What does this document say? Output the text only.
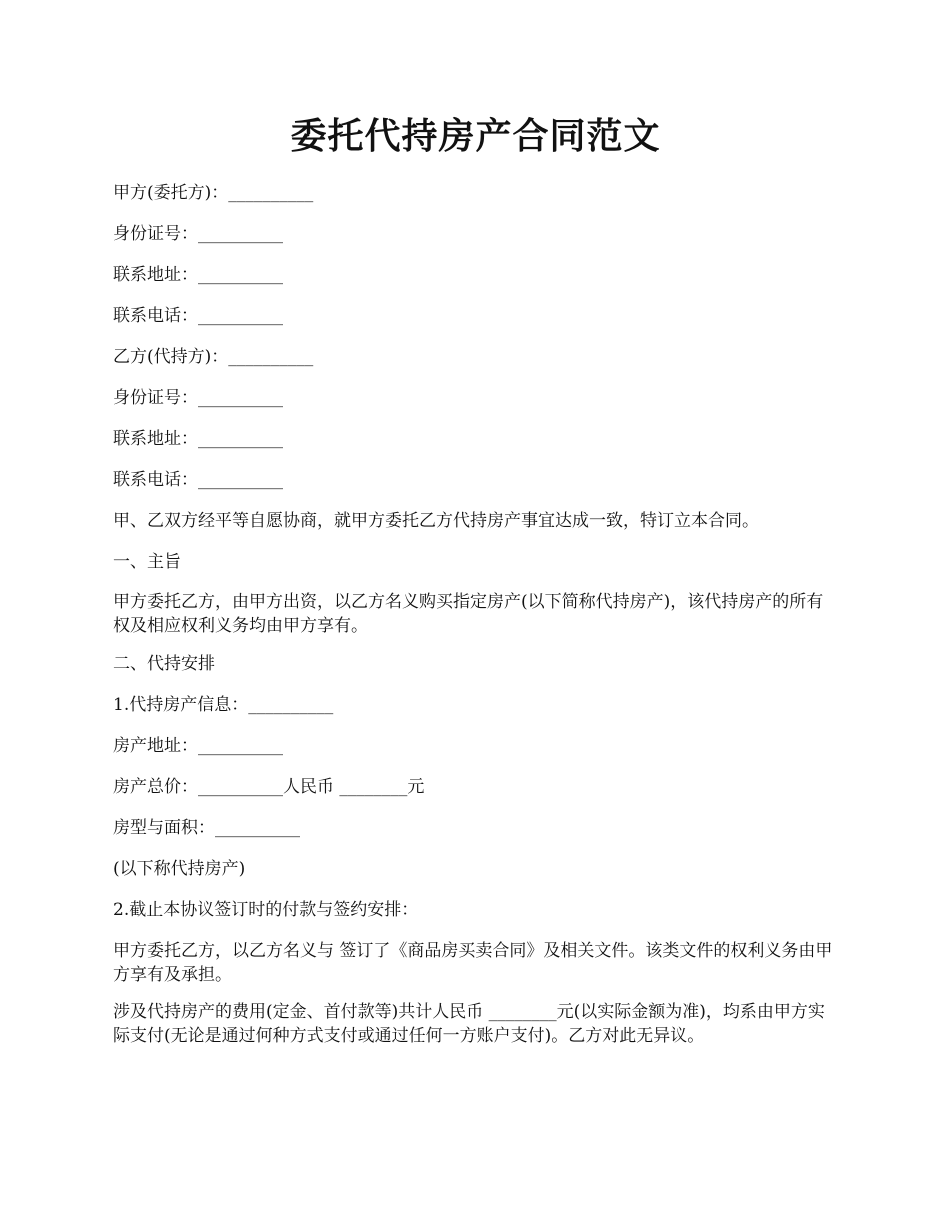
委托代持房产合同范文
甲方(委托方)：__________
身份证号：__________
联系地址：__________
联系电话：__________
乙方(代持方)：__________
身份证号：__________
联系地址：__________
联系电话：__________
甲、乙双方经平等自愿协商，就甲方委托乙方代持房产事宜达成一致，特订立本合同。
一、主旨
甲方委托乙方，由甲方出资，以乙方名义购买指定房产(以下简称代持房产)，该代持房产的所有权及相应权利义务均由甲方享有。
二、代持安排
1.代持房产信息：__________
房产地址：__________
房产总价：__________人民币 ________元
房型与面积：__________
(以下称代持房产)
2.截止本协议签订时的付款与签约安排：
甲方委托乙方，以乙方名义与 签订了《商品房买卖合同》及相关文件。该类文件的权利义务由甲方享有及承担。
涉及代持房产的费用(定金、首付款等)共计人民币 ________元(以实际金额为准)，均系由甲方实际支付(无论是通过何种方式支付或通过任何一方账户支付)。乙方对此无异议。
